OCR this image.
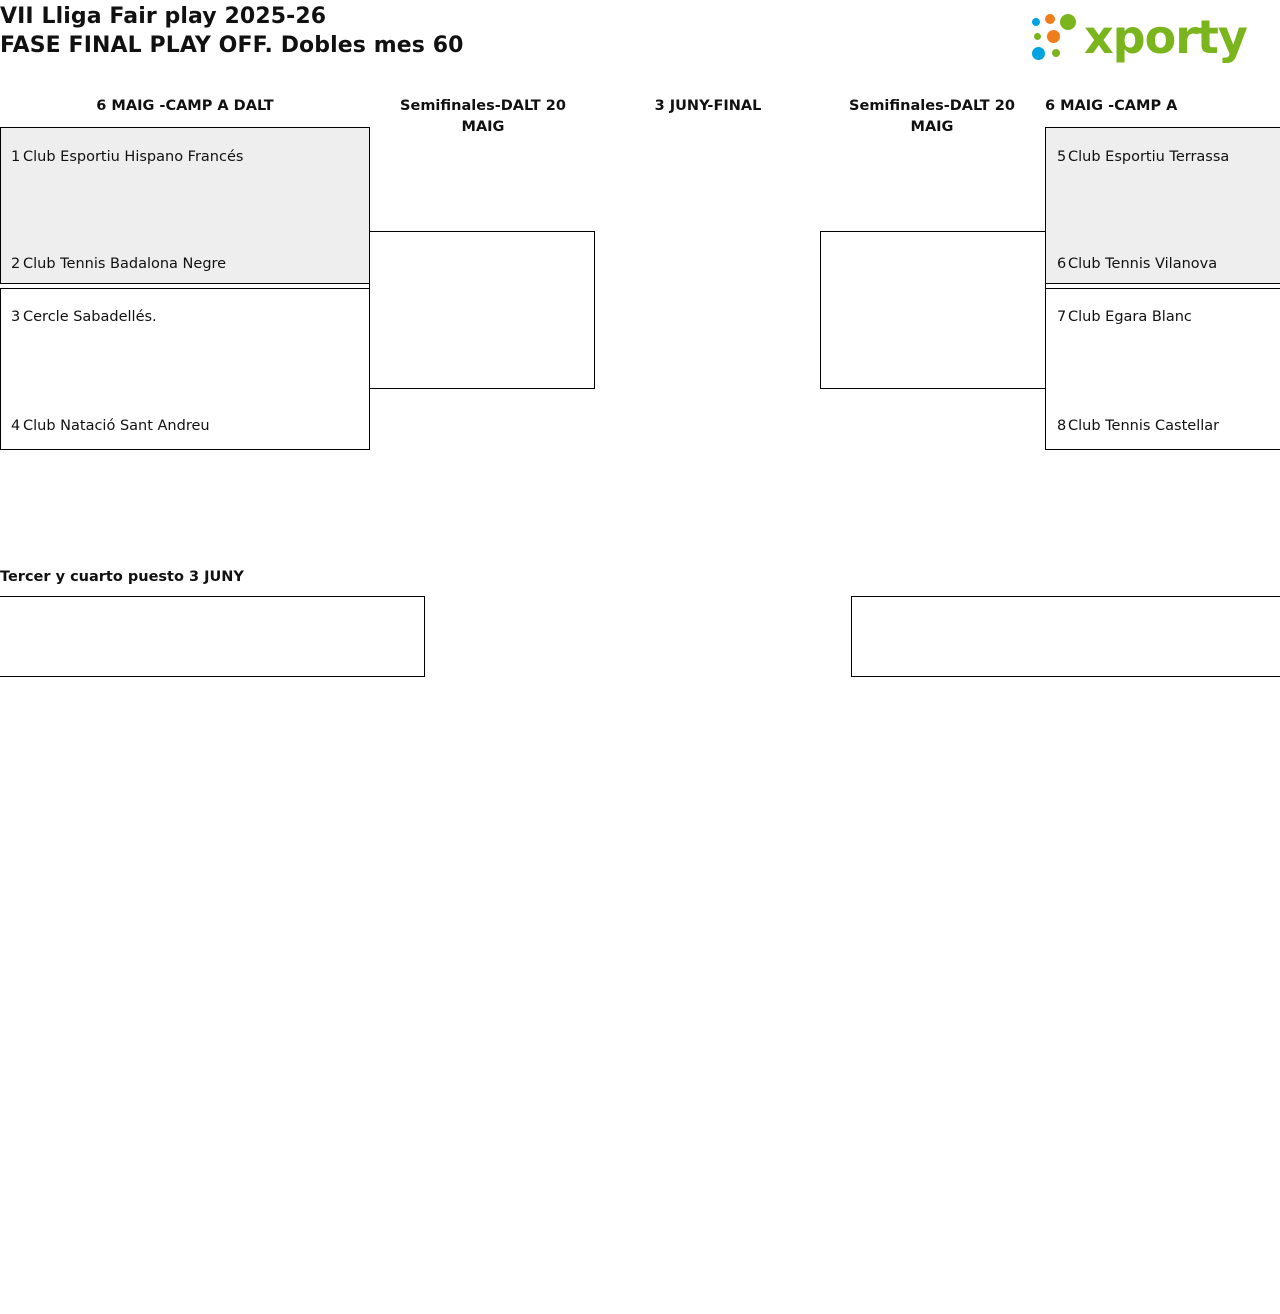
VII Lliga Fair play 2025-26
FASE FINAL PLAY OFF. Dobles mes 60	xporty
6 MAIG -CAMP A DALT	Semifinales-DALT 20 MAIG
3 JUNY-FINAL	Semifinales-DALT 20 MAIG
6 MAIG -CAMP A
1 Club Esportiu Hispano Francés
2 Club Tennis Badalona Negre
3 Cercle Sabadellés.
4 Club Natació Sant Andreu
5 Club Esportiu Terrassa
6 Club Tennis Vilanova
7 Club Egara Blanc
8 Club Tennis Castellar
Tercer y cuarto puesto 3 JUNY
